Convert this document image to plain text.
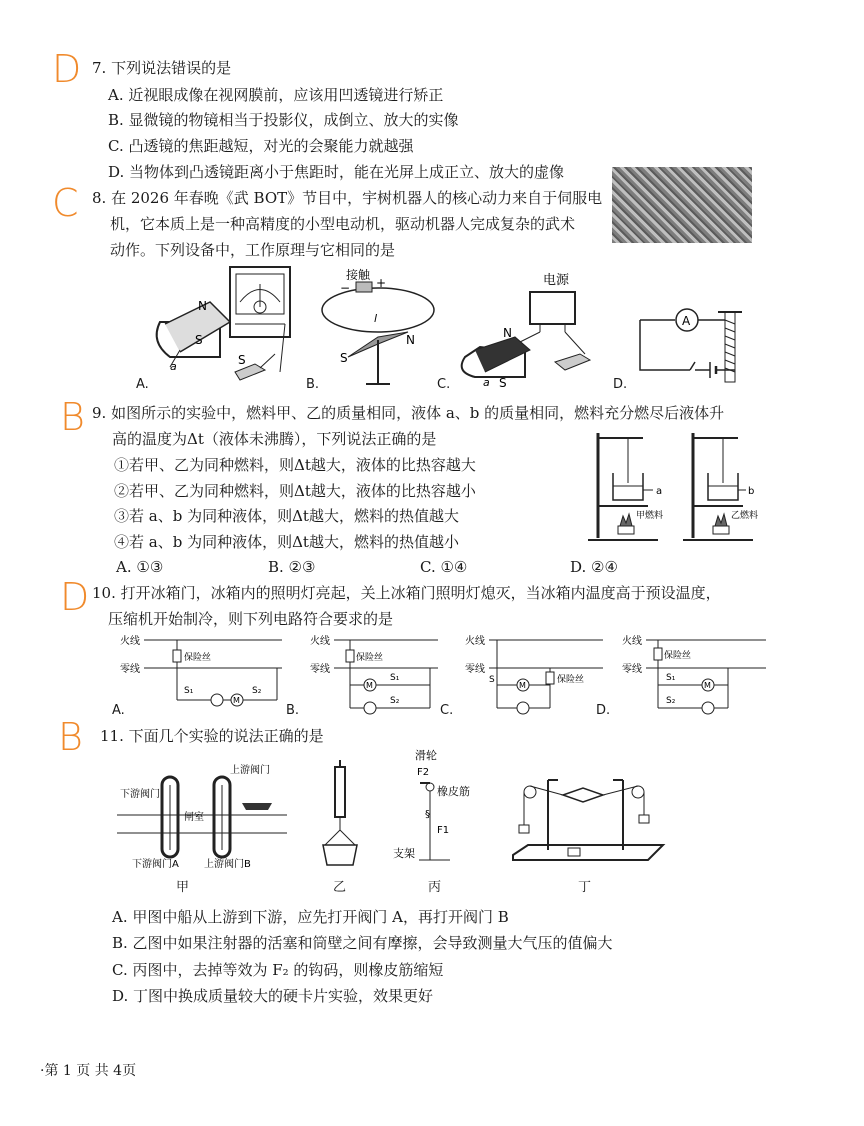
D
C
B
D
B
7. 下列说法错误的是
A. 近视眼成像在视网膜前，应该用凹透镜进行矫正
B. 显微镜的物镜相当于投影仪，成倒立、放大的实像
C. 凸透镜的焦距越短，对光的会聚能力就越强
D. 当物体到凸透镜距离小于焦距时，能在光屏上成正立、放大的虚像
8. 在 2026 年春晚《武 BOT》节目中，宇树机器人的核心动力来自于伺服电
机，它本质上是一种高精度的小型电动机，驱动机器人完成复杂的武术
动作。下列设备中，工作原理与它相同的是
N
S
a	S
A.
接触
− +
l
N
S
B.
电源
N
a S
C.
A
D.
9. 如图所示的实验中，燃料甲、乙的质量相同，液体 a、b 的质量相同，燃料充分燃尽后液体升
高的温度为Δt（液体未沸腾），下列说法正确的是
①若甲、乙为同种燃料，则Δt越大，液体的比热容越大
②若甲、乙为同种燃料，则Δt越大，液体的比热容越小
③若 a、b 为同种液体，则Δt越大，燃料的热值越大
④若 a、b 为同种液体，则Δt越大，燃料的热值越小
A. ①③	B. ②③	C. ①④	D. ②④
a
甲燃料
b
乙燃料
10. 打开冰箱门，冰箱内的照明灯亮起，关上冰箱门照明灯熄灭，当冰箱内温度高于预设温度，
压缩机开始制冷，则下列电路符合要求的是
火线
零线
保险丝
M
S₁	S₂
A.
火线
零线
保险丝
M
S₁
S₂
B.
火线
零线
S
M
保险丝
C.
火线
零线
保险丝
S₁
S₂
M
D.
11. 下面几个实验的说法正确的是
下游阀门
上游阀门
闸室
下游阀门A	上游阀门B
甲	乙
滑轮
F2
橡皮筋
§
F1
支架
丙	丁
A. 甲图中船从上游到下游，应先打开阀门 A，再打开阀门 B
B. 乙图中如果注射器的活塞和筒壁之间有摩擦，会导致测量大气压的值偏大
C. 丙图中，去掉等效为 F₂ 的钩码，则橡皮筋缩短
D. 丁图中换成质量较大的硬卡片实验，效果更好
·第 1 页 共 4页
